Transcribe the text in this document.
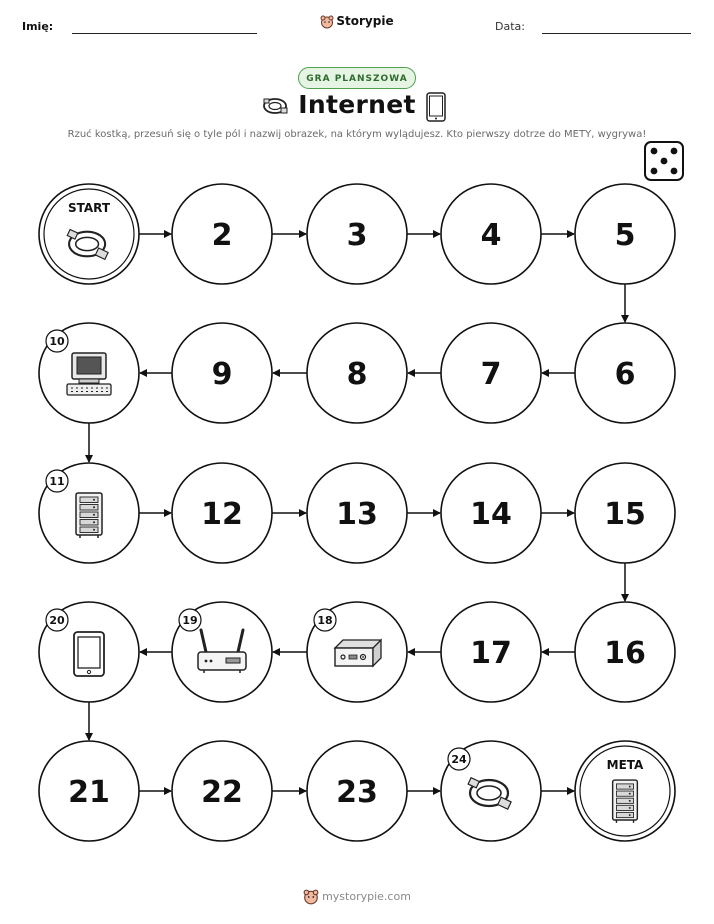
Imię:	Storypie	Data:
GRA PLANSZOWA
Internet
Rzuć kostką, przesuń się o tyle pól i nazwij obrazek, na którym wylądujesz. Kto pierwszy dotrze do METY, wygrywa!
START
2	3	4	5
6
7
8
9
10
11
12	13	14	15
16
17
18
19
20
21	22	23
24	META
mystorypie.com
